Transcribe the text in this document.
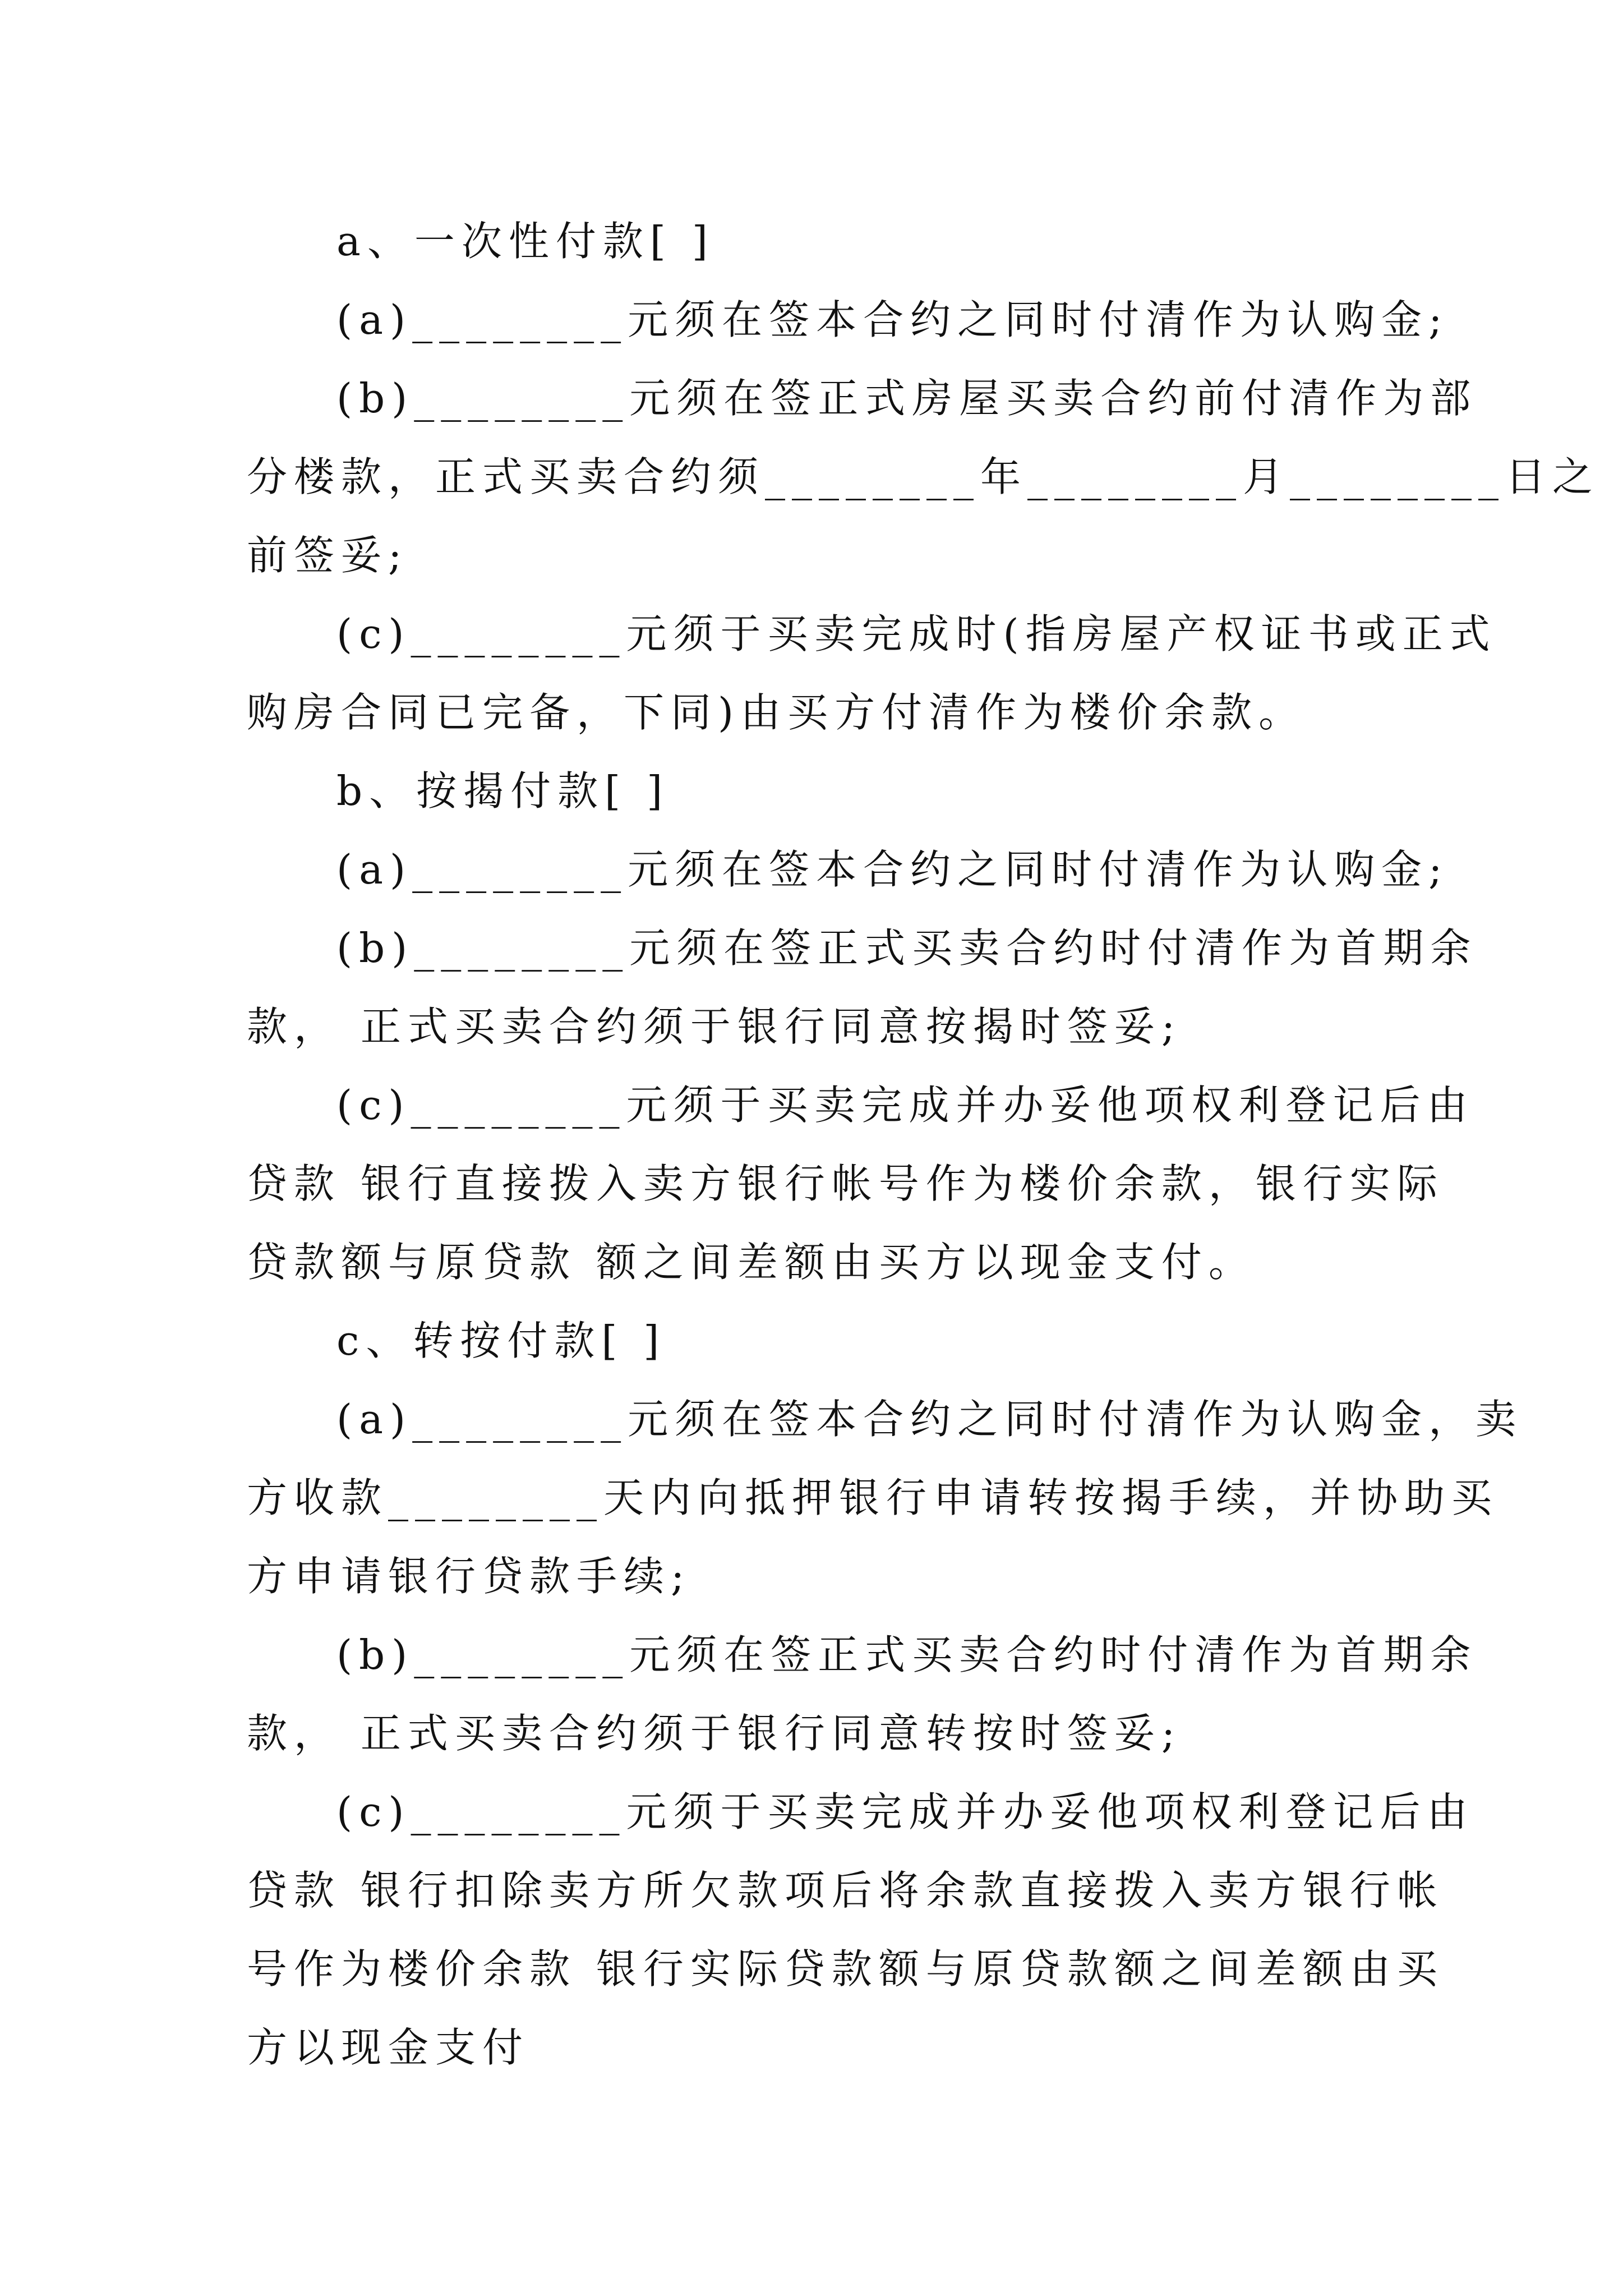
a、一次性付款[ ]
(a)________元须在签本合约之同时付清作为认购金;
(b)________元须在签正式房屋买卖合约前付清作为部
分楼款，正式买卖合约须________年________月________日之
前签妥;
(c)________元须于买卖完成时(指房屋产权证书或正式
购房合同已完备，下同)由买方付清作为楼价余款。
b、按揭付款[ ]
(a)________元须在签本合约之同时付清作为认购金;
(b)________元须在签正式买卖合约时付清作为首期余
款， 正式买卖合约须于银行同意按揭时签妥;
(c)________元须于买卖完成并办妥他项权利登记后由
贷款 银行直接拨入卖方银行帐号作为楼价余款，银行实际
贷款额与原贷款 额之间差额由买方以现金支付。
c、转按付款[ ]
(a)________元须在签本合约之同时付清作为认购金，卖
方收款________天内向抵押银行申请转按揭手续，并协助买
方申请银行贷款手续;
(b)________元须在签正式买卖合约时付清作为首期余
款， 正式买卖合约须于银行同意转按时签妥;
(c)________元须于买卖完成并办妥他项权利登记后由
贷款 银行扣除卖方所欠款项后将余款直接拨入卖方银行帐
号作为楼价余款 银行实际贷款额与原贷款额之间差额由买
方以现金支付
